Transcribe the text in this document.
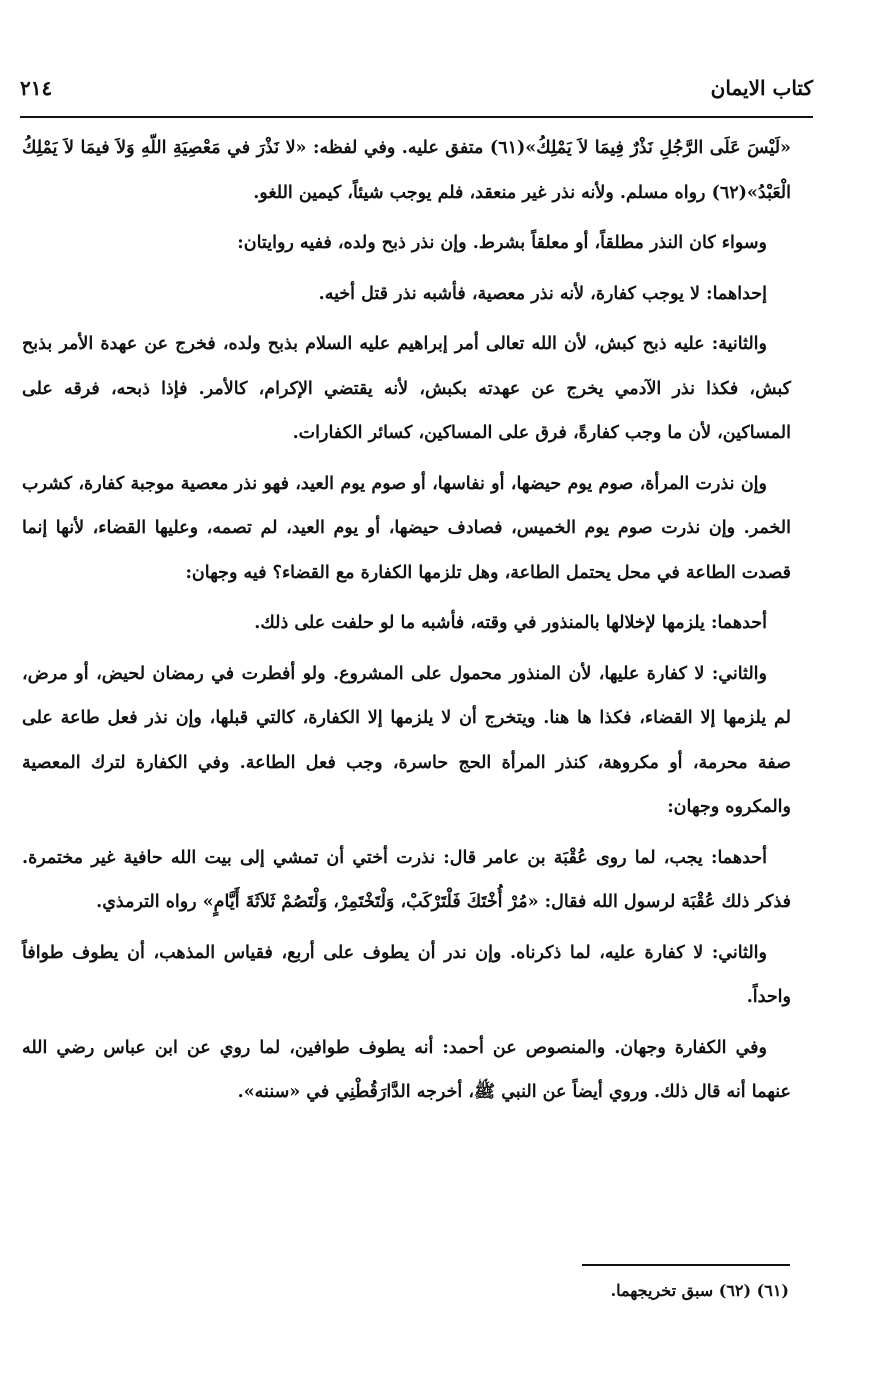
كتاب الايمان
٢١٤

«لَيْسَ عَلَى الرَّجُلِ نَذْرٌ فِيمَا لاَ يَمْلِكُ»(٦١) متفق عليه. وفي لفظه: «لا نَذْرَ في مَعْصِيَةِ اللّهِ وَلاَ فيمَا لاَ يَمْلِكُ الْعَبْدُ»(٦٢) رواه مسلم. ولأنه نذر غير منعقد، فلم يوجب شيئاً، كيمين اللغو.

وسواء كان النذر مطلقاً، أو معلقاً بشرط. وإن نذر ذبح ولده، ففيه روايتان:

إحداهما: لا يوجب كفارة، لأنه نذر معصية، فأشبه نذر قتل أخيه.

والثانية: عليه ذبح كبش، لأن الله تعالى أمر إبراهيم عليه السلام بذبح ولده، فخرج عن عهدة الأمر بذبح كبش، فكذا نذر الآدمي يخرج عن عهدته بكبش، لأنه يقتضي الإكرام، كالأمر. فإذا ذبحه، فرقه على المساكين، لأن ما وجب كفارةً، فرق على المساكين، كسائر الكفارات.

وإن نذرت المرأة، صوم يوم حيضها، أو نفاسها، أو صوم يوم العيد، فهو نذر معصية موجبة كفارة، كشرب الخمر. وإن نذرت صوم يوم الخميس، فصادف حيضها، أو يوم العيد، لم تصمه، وعليها القضاء، لأنها إنما قصدت الطاعة في محل يحتمل الطاعة، وهل تلزمها الكفارة مع القضاء؟ فيه وجهان:

أحدهما: يلزمها لإخلالها بالمنذور في وقته، فأشبه ما لو حلفت على ذلك.

والثاني: لا كفارة عليها، لأن المنذور محمول على المشروع. ولو أفطرت في رمضان لحيض، أو مرض، لم يلزمها إلا القضاء، فكذا ها هنا. ويتخرج أن لا يلزمها إلا الكفارة، كالتي قبلها، وإن نذر فعل طاعة على صفة محرمة، أو مكروهة، كنذر المرأة الحج حاسرة، وجب فعل الطاعة. وفي الكفارة لترك المعصية والمكروه وجهان:

أحدهما: يجب، لما روى عُقْبَة بن عامر قال: نذرت أختي أن تمشي إلى بيت الله حافية غير مختمرة. فذكر ذلك عُقْبَة لرسول الله فقال: «مُرْ أُخْتَكَ فَلْتَرْكَبْ، وَلْتَخْتَمِرْ، وَلْتَصُمْ ثَلاَثَةَ أَيَّامٍ» رواه الترمذي.

والثاني: لا كفارة عليه، لما ذكرناه. وإن ندر أن يطوف على أربع، فقياس المذهب، أن يطوف طوافاً واحداً.

وفي الكفارة وجهان. والمنصوص عن أحمد: أنه يطوف طوافين، لما روي عن ابن عباس رضي الله عنهما أنه قال ذلك. وروي أيضاً عن النبي ﷺ، أخرجه الدَّارَقُطْنِي في «سننه».

(٦١) (٦٢) سبق تخريجهما.
